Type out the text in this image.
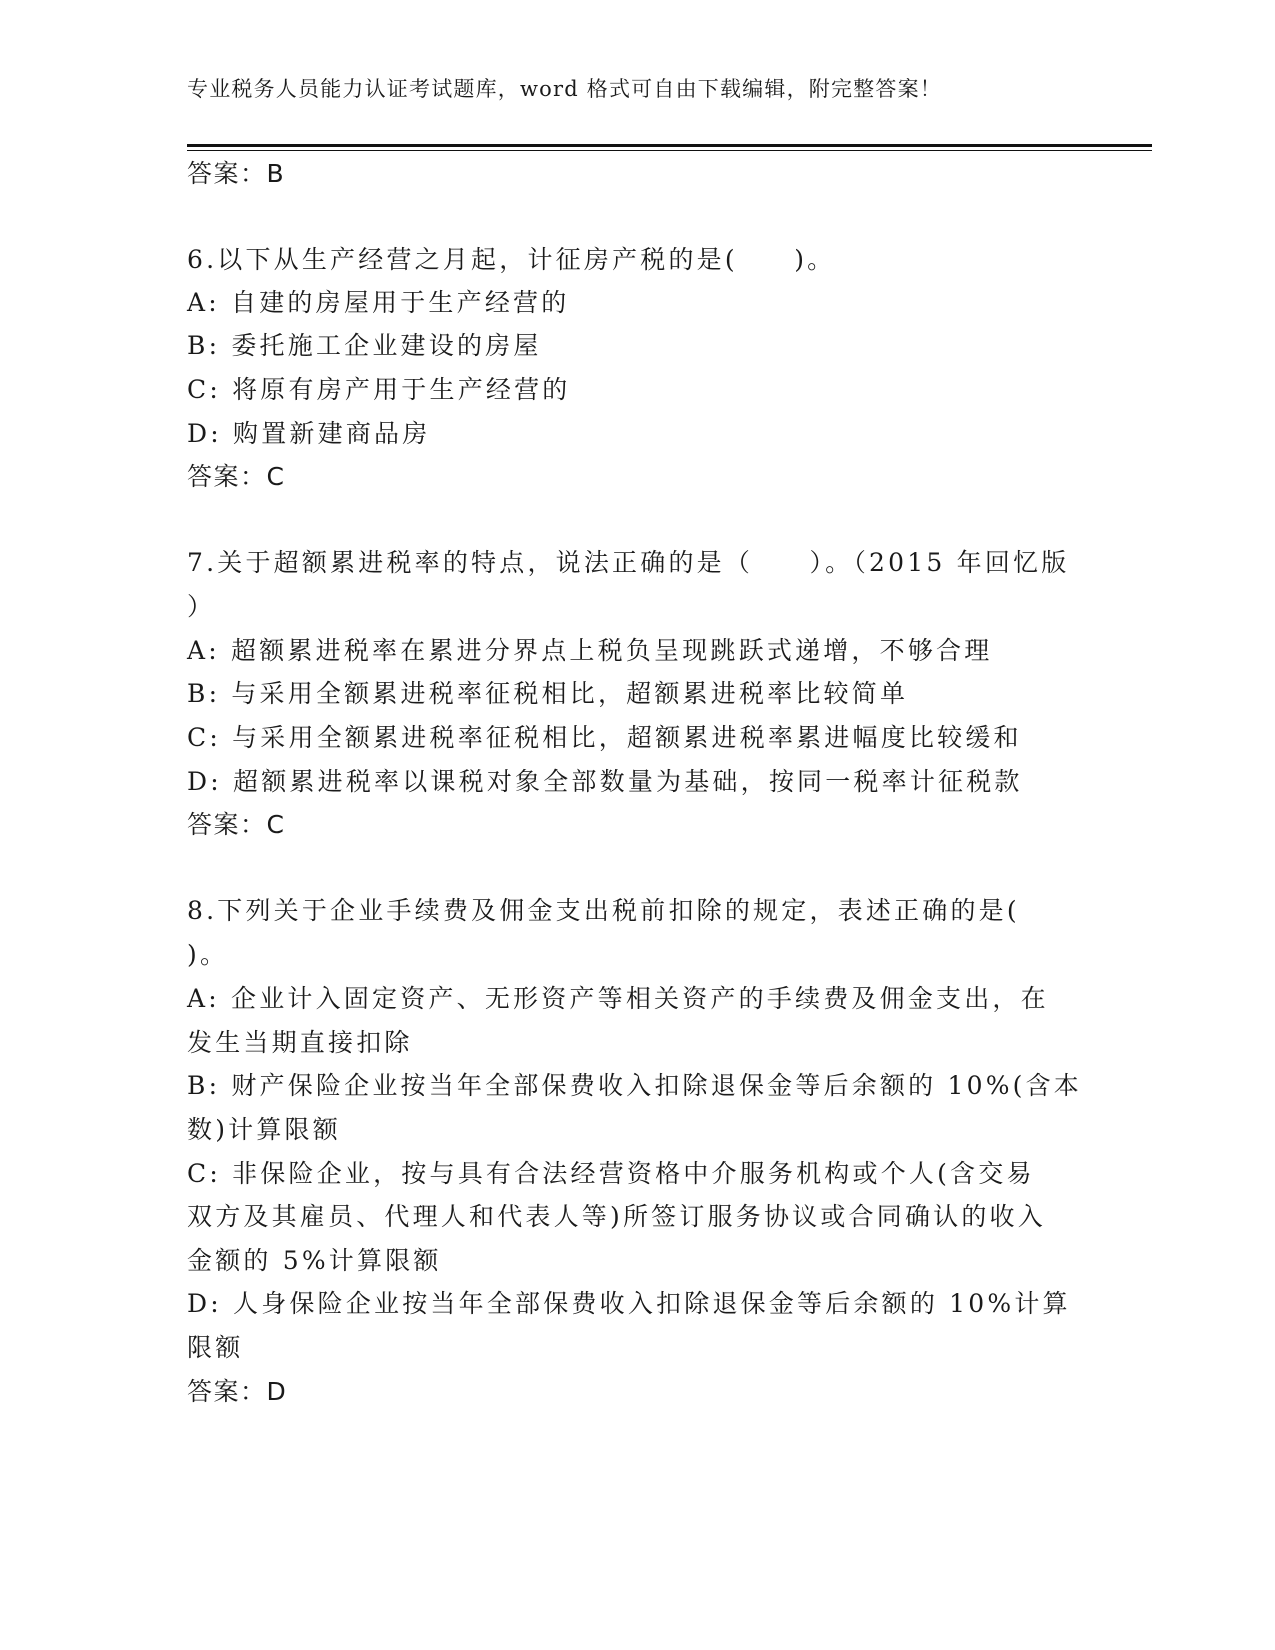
专业税务人员能力认证考试题库，word 格式可自由下载编辑，附完整答案！
答案：B
6.以下从生产经营之月起，计征房产税的是(　　)。
A: 自建的房屋用于生产经营的
B: 委托施工企业建设的房屋
C: 将原有房产用于生产经营的
D: 购置新建商品房
答案：C
7.关于超额累进税率的特点，说法正确的是（　　）。（2015 年回忆版
）
A: 超额累进税率在累进分界点上税负呈现跳跃式递增，不够合理
B: 与采用全额累进税率征税相比，超额累进税率比较简单
C: 与采用全额累进税率征税相比，超额累进税率累进幅度比较缓和
D: 超额累进税率以课税对象全部数量为基础，按同一税率计征税款
答案：C
8.下列关于企业手续费及佣金支出税前扣除的规定，表述正确的是(
)。
A: 企业计入固定资产、无形资产等相关资产的手续费及佣金支出，在
发生当期直接扣除
B: 财产保险企业按当年全部保费收入扣除退保金等后余额的 10%(含本
数)计算限额
C: 非保险企业，按与具有合法经营资格中介服务机构或个人(含交易
双方及其雇员、代理人和代表人等)所签订服务协议或合同确认的收入
金额的 5%计算限额
D: 人身保险企业按当年全部保费收入扣除退保金等后余额的 10%计算
限额
答案：D
